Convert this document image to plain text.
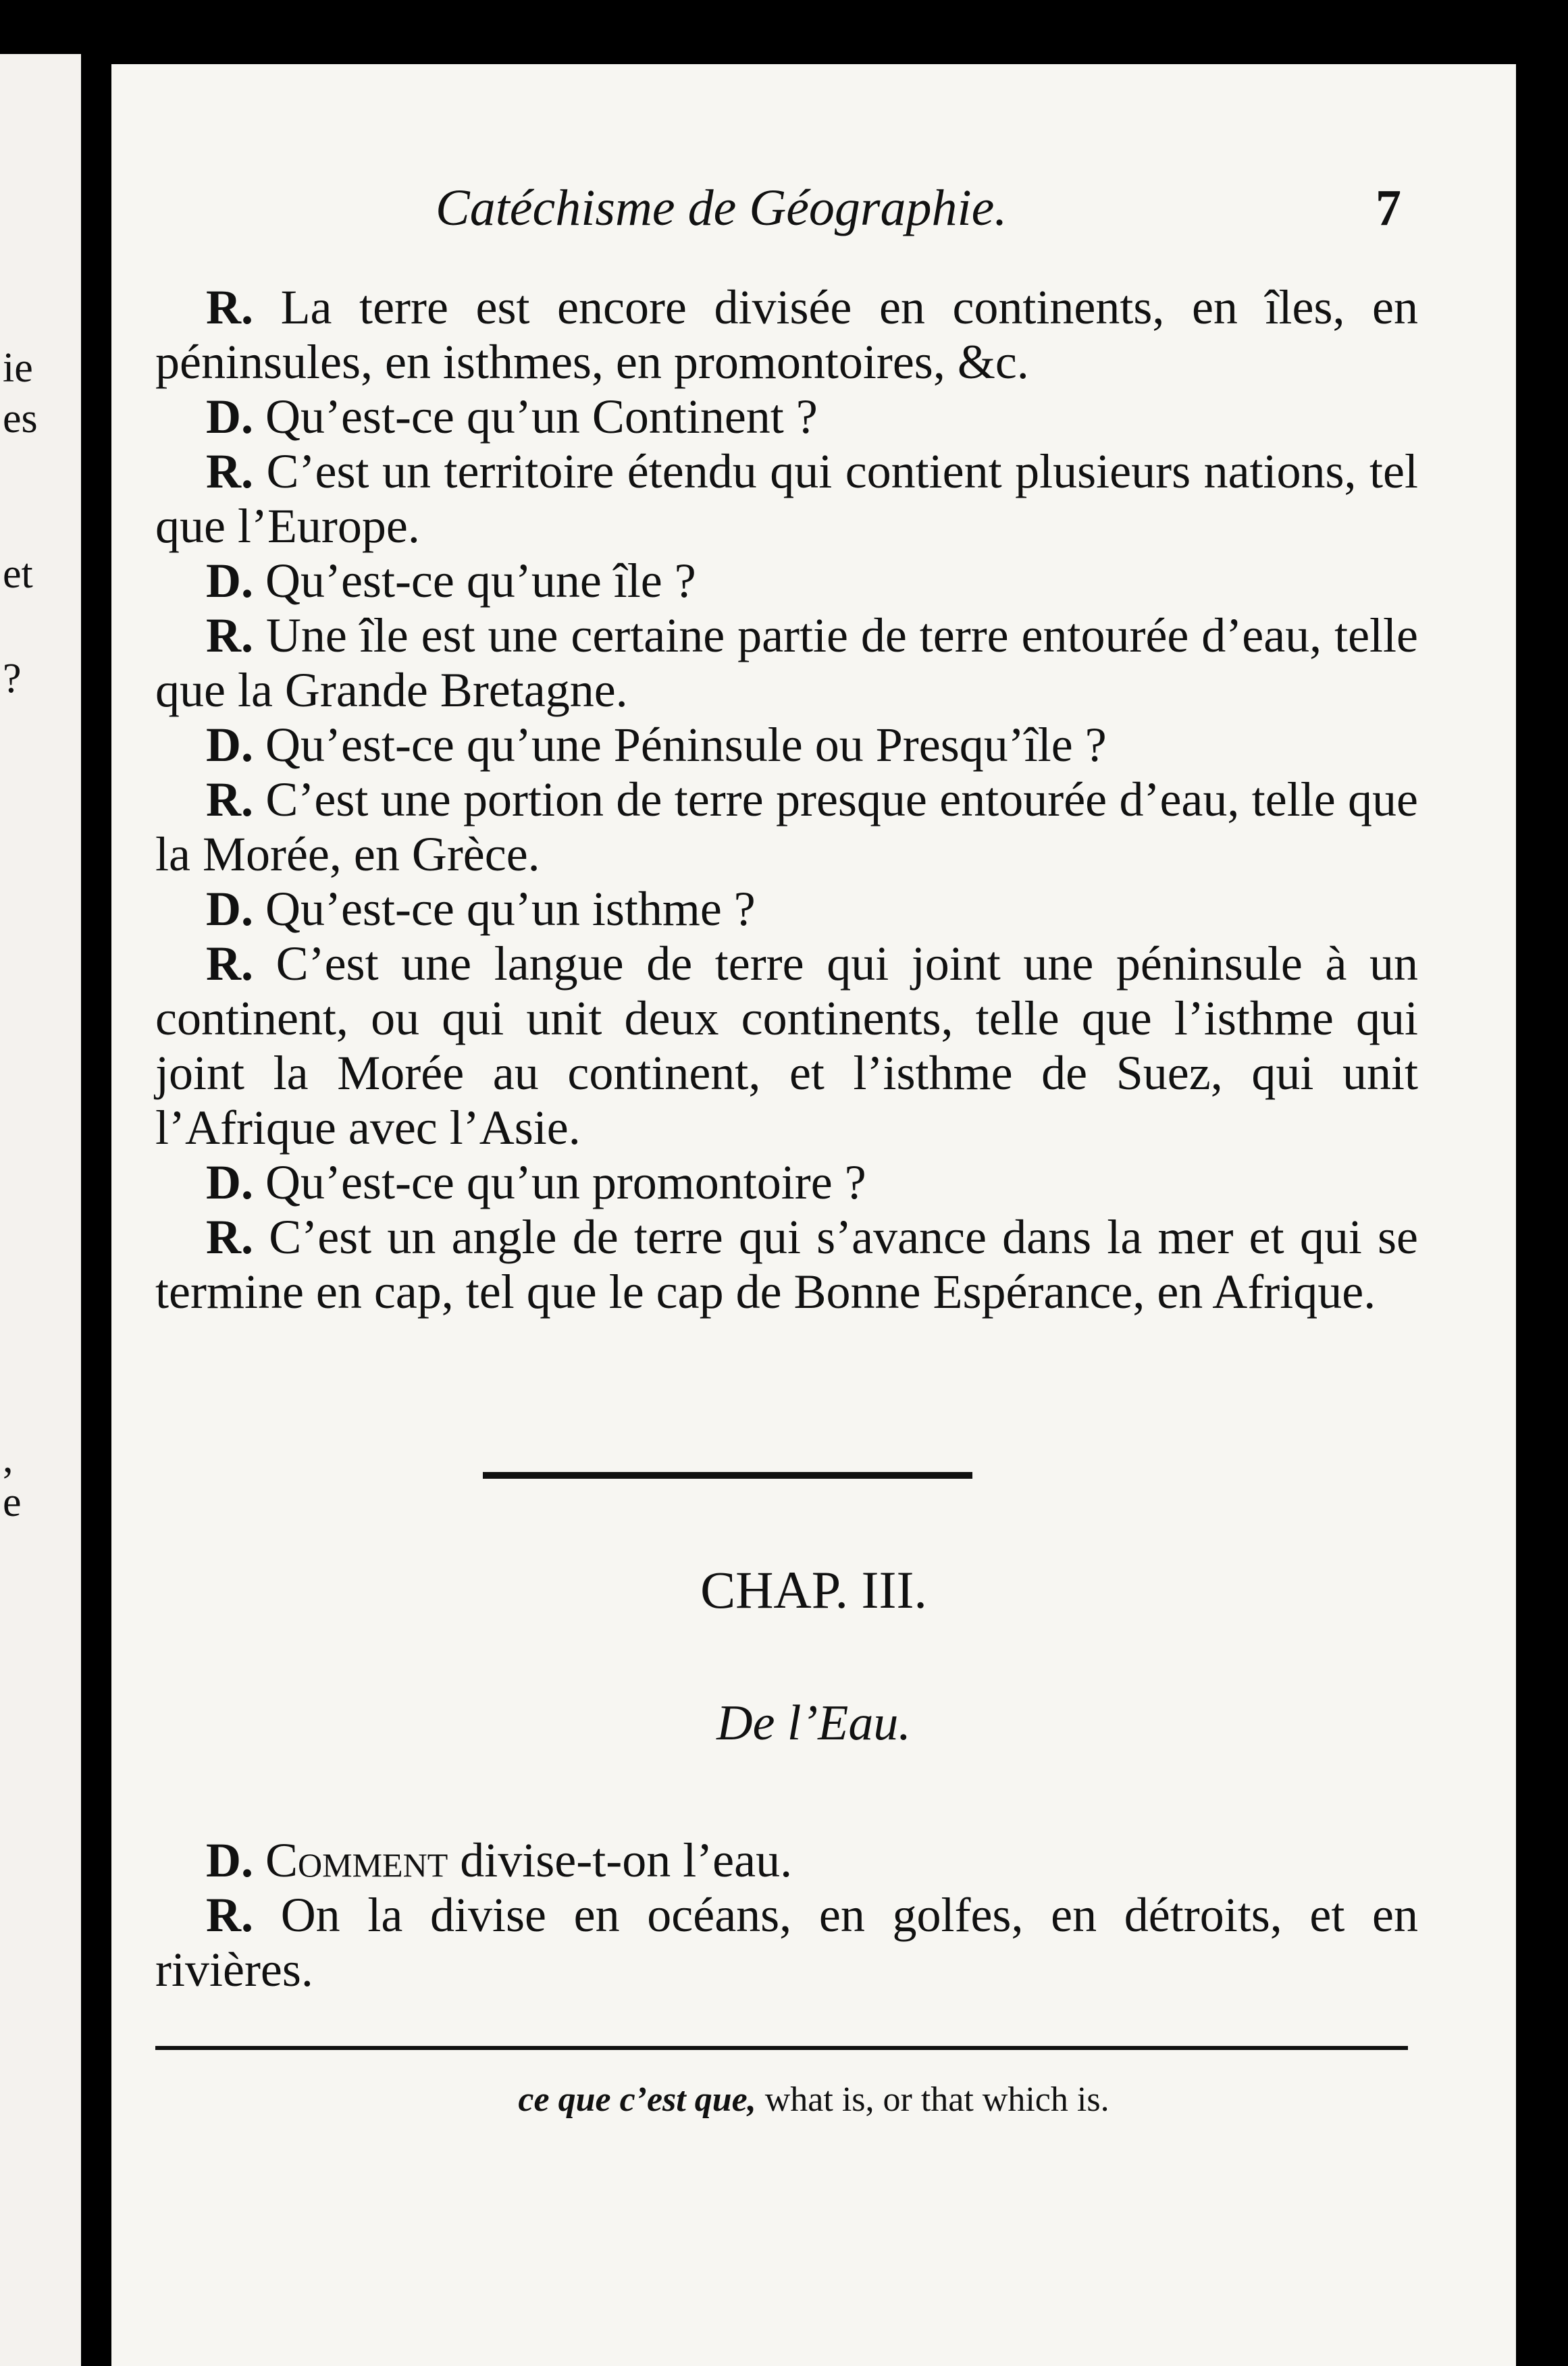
ie
es
et
?
,
e
Catéchisme de Géographie.	7

R. La terre est encore divisée en continents, en îles, en péninsules, en isthmes, en promontoires, &c.

D. Qu’est-ce qu’un Continent ?

R. C’est un territoire étendu qui contient plusieurs nations, tel que l’Europe.

D. Qu’est-ce qu’une île ?

R. Une île est une certaine partie de terre entourée d’eau, telle que la Grande Bretagne.

D. Qu’est-ce qu’une Péninsule ou Presqu’île ?

R. C’est une portion de terre presque entourée d’eau, telle que la Morée, en Grèce.

D. Qu’est-ce qu’un isthme ?

R. C’est une langue de terre qui joint une péninsule à un continent, ou qui unit deux continents, telle que l’isthme qui joint la Morée au continent, et l’isthme de Suez, qui unit l’Afrique avec l’Asie.

D. Qu’est-ce qu’un promontoire ?

R. C’est un angle de terre qui s’avance dans la mer et qui se termine en cap, tel que le cap de Bonne Espérance, en Afrique.

CHAP. III.
De l’Eau.

D. Comment divise-t-on l’eau.

R. On la divise en océans, en golfes, en détroits, et en rivières.

ce que c’est que, what is, or that which is.
